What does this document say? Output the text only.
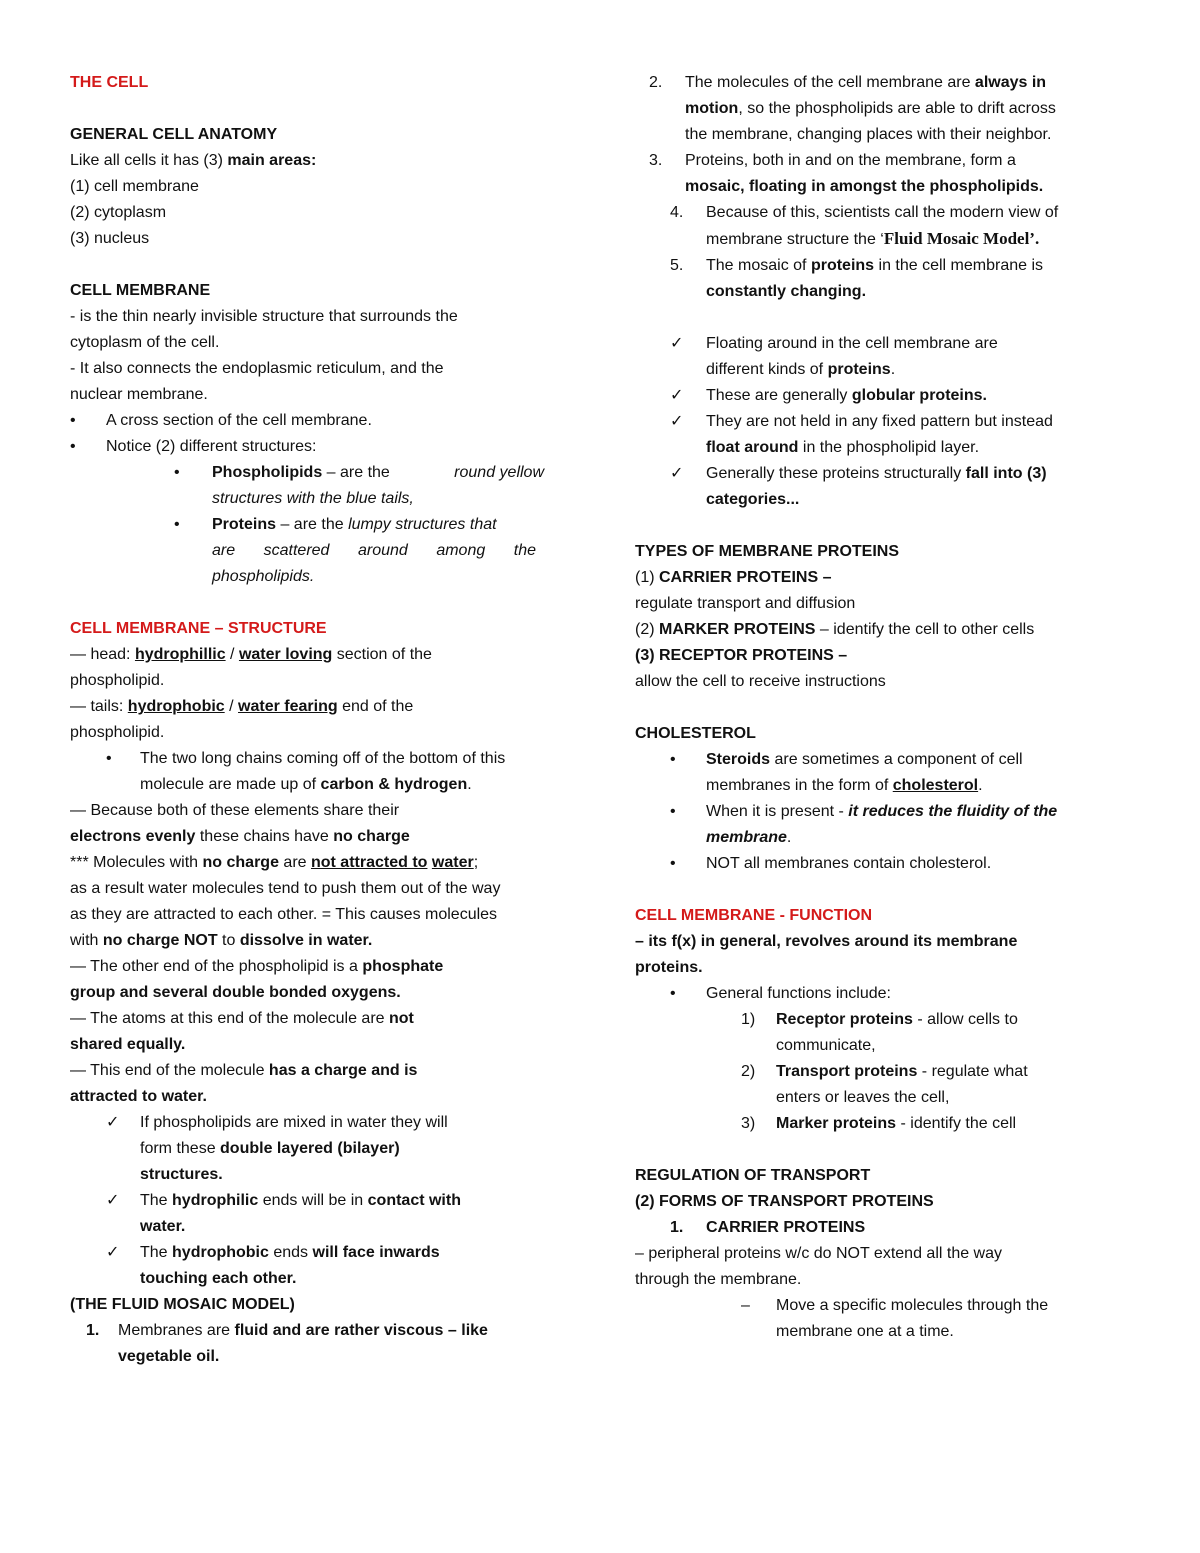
THE CELL
GENERAL CELL ANATOMY
Like all cells it has (3) main areas:
(1) cell membrane
(2) cytoplasm
(3) nucleus
CELL MEMBRANE
- is the thin nearly invisible structure that surrounds the
cytoplasm of the cell.
- It also connects the endoplasmic reticulum, and the
nuclear membrane.
•	A cross section of the cell membrane.
•	Notice (2) different structures:
•	Phospholipids – are the	round yellow
structures with the blue tails,
•	Proteins – are the lumpy structures that
are scattered around among the
phospholipids.
CELL MEMBRANE – STRUCTURE
— head: hydrophillic / water loving section of the
phospholipid.
— tails: hydrophobic / water fearing end of the
phospholipid.
•	The two long chains coming off of the bottom of this
molecule are made up of carbon & hydrogen.
— Because both of these elements share their
electrons evenly these chains have no charge
*** Molecules with no charge are not attracted to water;
as a result water molecules tend to push them out of the way
as they are attracted to each other. = This causes molecules
with no charge NOT to dissolve in water.
— The other end of the phospholipid is a phosphate
group and several double bonded oxygens.
— The atoms at this end of the molecule are not
shared equally.
— This end of the molecule has a charge and is
attracted to water.
✓	If phospholipids are mixed in water they will
form these double layered (bilayer)
structures.
✓	The hydrophilic ends will be in contact with
water.
✓	The hydrophobic ends will face inwards
touching each other.
(THE FLUID MOSAIC MODEL)
1. Membranes are fluid and are rather viscous – like
vegetable oil.
2. The molecules of the cell membrane are always in
motion, so the phospholipids are able to drift across
the membrane, changing places with their neighbor.
3. Proteins, both in and on the membrane, form a
mosaic, floating in amongst the phospholipids.
4. Because of this, scientists call the modern view of
membrane structure the ‘Fluid Mosaic Model’.
5. The mosaic of proteins in the cell membrane is
constantly changing.
✓	Floating around in the cell membrane are
different kinds of proteins.
✓	These are generally globular proteins.
✓	They are not held in any fixed pattern but instead
float around in the phospholipid layer.
✓	Generally these proteins structurally fall into (3)
categories...
TYPES OF MEMBRANE PROTEINS
(1) CARRIER PROTEINS –
regulate transport and diffusion
(2) MARKER PROTEINS – identify the cell to other cells
(3) RECEPTOR PROTEINS –
allow the cell to receive instructions
CHOLESTEROL
•	Steroids are sometimes a component of cell
membranes in the form of cholesterol.
•	When it is present - it reduces the fluidity of the
membrane.
•	NOT all membranes contain cholesterol.
CELL MEMBRANE - FUNCTION
– its f(x) in general, revolves around its membrane
proteins.
•	General functions include:
1) Receptor proteins - allow cells to
communicate,
2) Transport proteins - regulate what
enters or leaves the cell,
3) Marker proteins - identify the cell
REGULATION OF TRANSPORT
(2) FORMS OF TRANSPORT PROTEINS
1. CARRIER PROTEINS
– peripheral proteins w/c do NOT extend all the way
through the membrane.
–	Move a specific molecules through the
membrane one at a time.
